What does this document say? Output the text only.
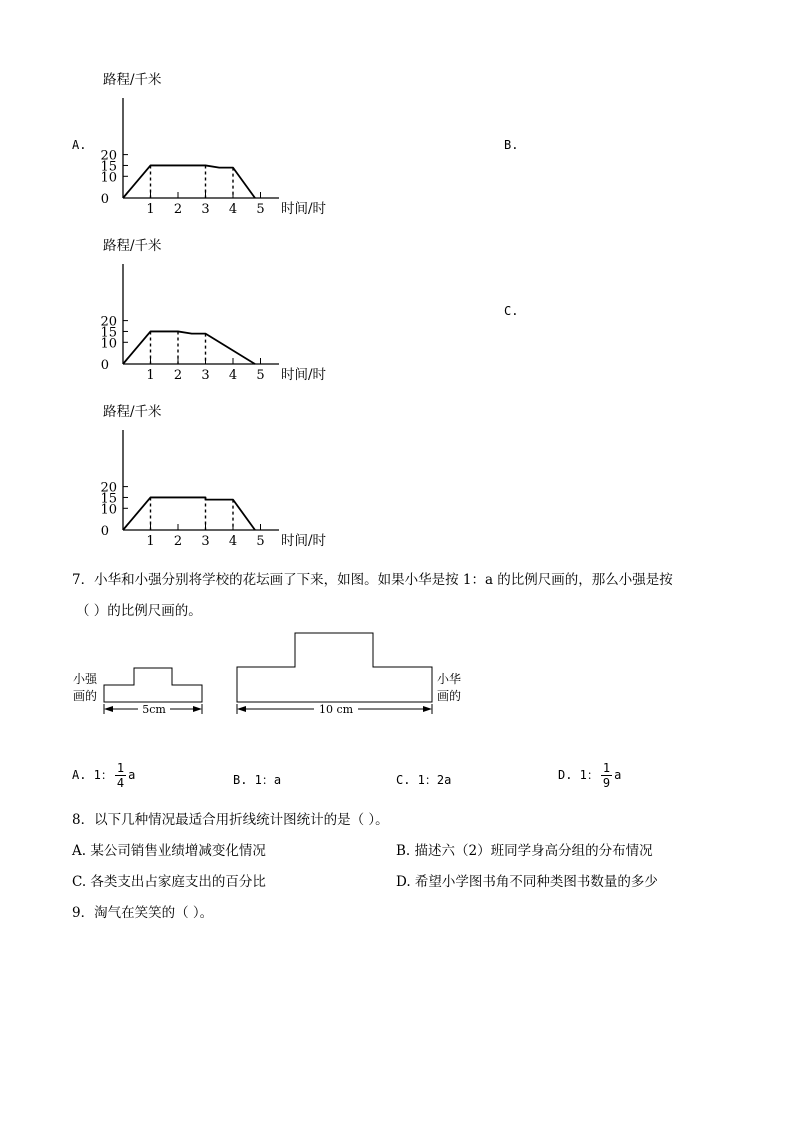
A.	B.
C.
10
15
20
0
1 2 3 4 5
路程/千米
时间/时
10
15
20
0
1 2 3 4 5
路程/千米
时间/时
10
15
20
0
1 2 3 4 5
路程/千米
时间/时
7．小华和小强分别将学校的花坛画了下来，如图。如果小华是按 1：a 的比例尺画的，那么小强是按
（ ）的比例尺画的。
5cm	10 cm
小强
画的
小华
画的
A. 1： $\frac{1}{4}$ a	B. 1：a	C. 1：2a	D. 1： $\frac{1}{9}$ a
8．以下几种情况最适合用折线统计图统计的是（ ）。
A. 某公司销售业绩增减变化情况	B. 描述六（2）班同学身高分组的分布情况
C. 各类支出占家庭支出的百分比	D. 希望小学图书角不同种类图书数量的多少
9．淘气在笑笑的（ ）。
